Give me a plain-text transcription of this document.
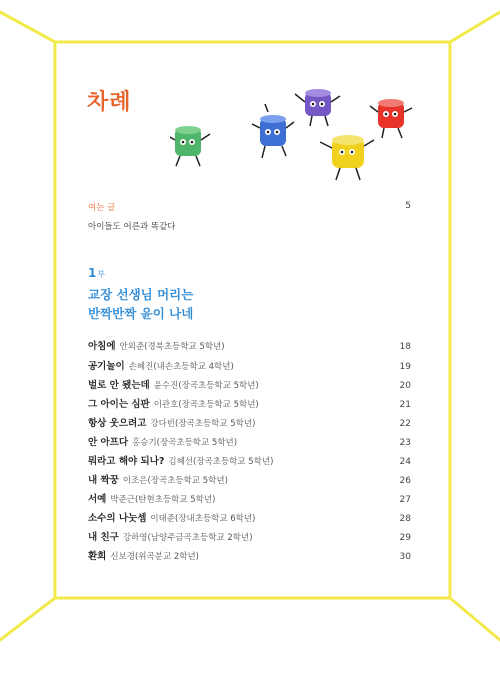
차례
여는 글	5
아이들도 어른과 똑같다
1부
교장 선생님 머리는
반짝반짝 윤이 나네
아침에 안외준(경북초등학교 5학년)	18
공기놀이 손혜진(내손초등학교 4학년)	19
벌로 안 됐는데 윤수진(장곡초등학교 5학년)	20
그 아이는 심판 이관호(장곡초등학교 5학년)	21
항상 웃으려고 강다빈(장곡초등학교 5학년)	22
안 아프다 홍승기(장곡초등학교 5학년)	23
뭐라고 해야 되나? 김혜선(장곡초등학교 5학년)	24
내 짝꿍 이조은(장곡초등학교 5학년)	26
서예 박준근(탄현초등학교 5학년)	27
소수의 나눗셈 이태준(장내초등학교 6학년)	28
내 친구 강하영(남양주금곡초등학교 2학년)	29
환희 신보경(위곡분교 2학년)	30
